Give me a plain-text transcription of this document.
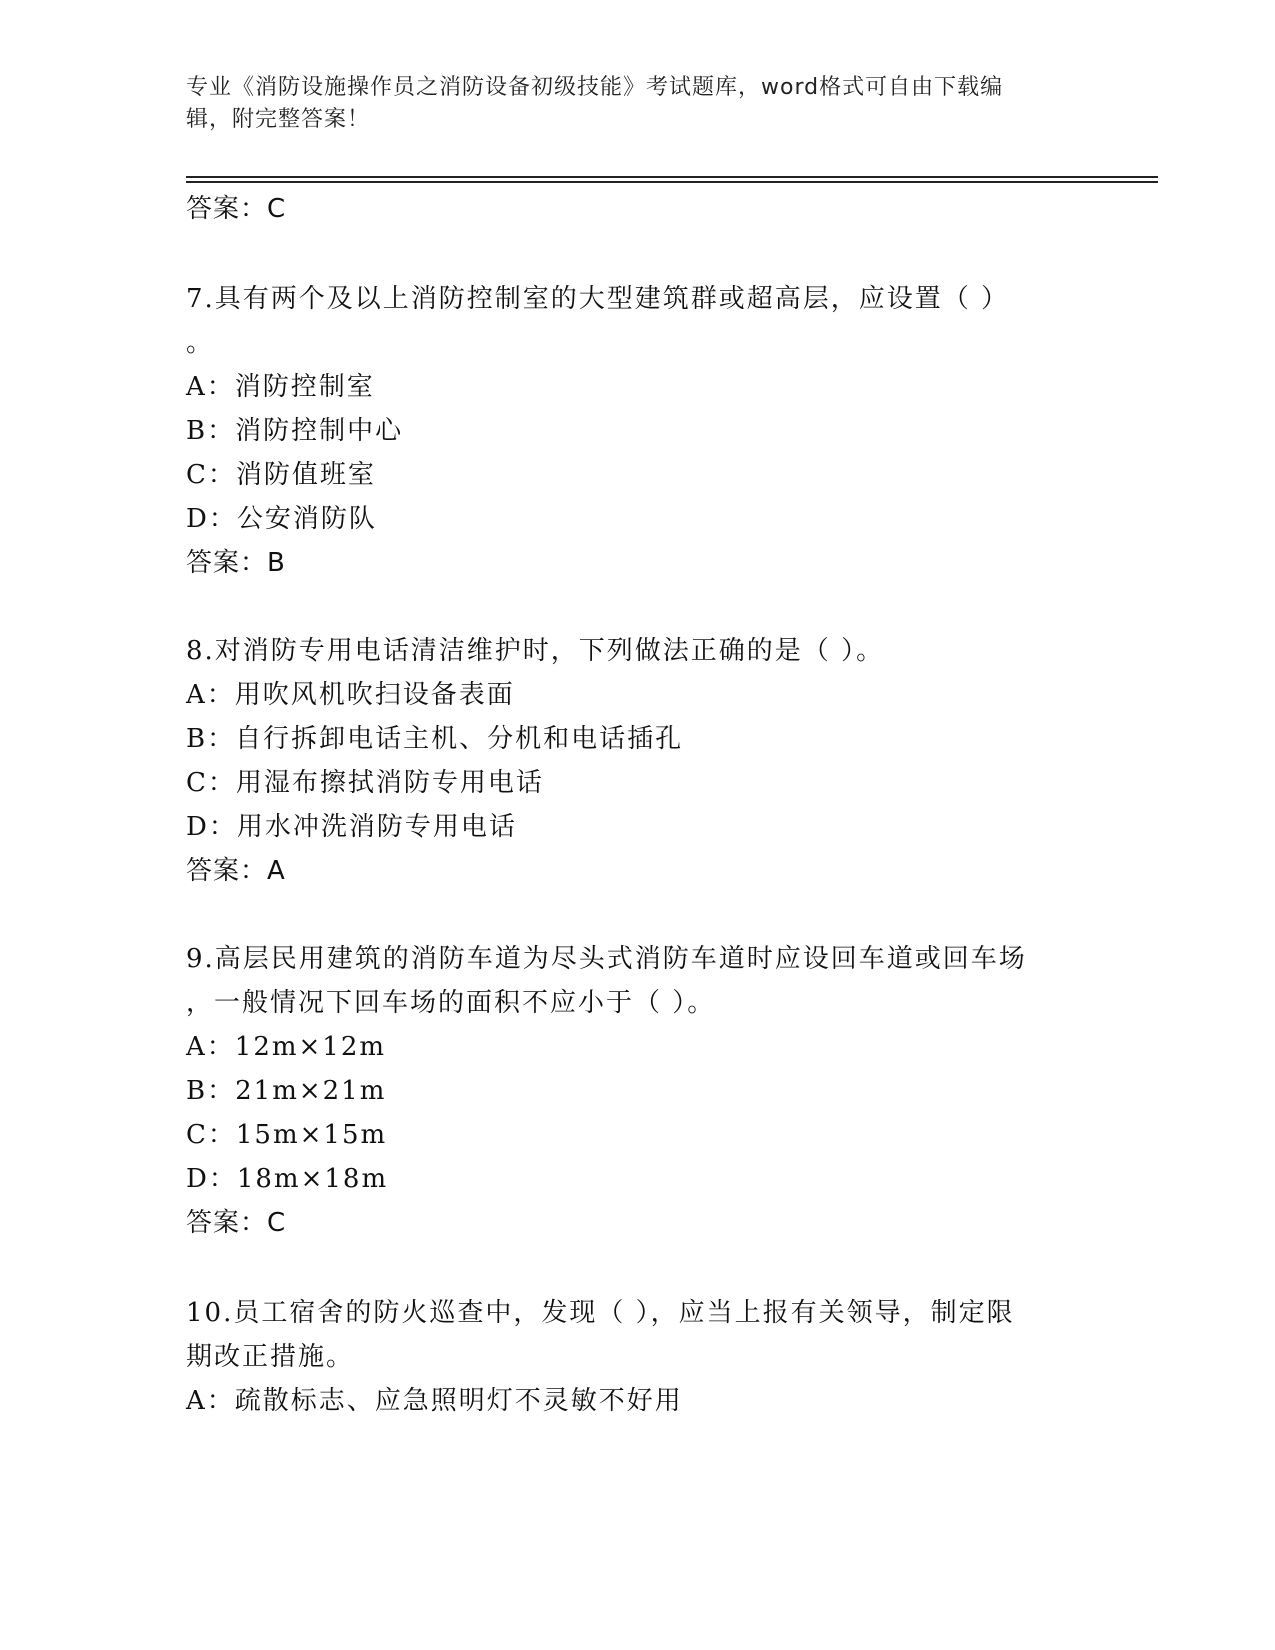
专业《消防设施操作员之消防设备初级技能》考试题库，word格式可自由下载编
辑，附完整答案！
答案：C
7.具有两个及以上消防控制室的大型建筑群或超高层，应设置（ ）
。
A：消防控制室
B：消防控制中心
C：消防值班室
D：公安消防队
答案：B
8.对消防专用电话清洁维护时，下列做法正确的是（ ）。
A：用吹风机吹扫设备表面
B：自行拆卸电话主机、分机和电话插孔
C：用湿布擦拭消防专用电话
D：用水冲洗消防专用电话
答案：A
9.高层民用建筑的消防车道为尽头式消防车道时应设回车道或回车场
，一般情况下回车场的面积不应小于（ ）。
A：12m×12m
B：21m×21m
C：15m×15m
D：18m×18m
答案：C
10.员工宿舍的防火巡查中，发现（ ），应当上报有关领导，制定限
期改正措施。
A：疏散标志、应急照明灯不灵敏不好用
